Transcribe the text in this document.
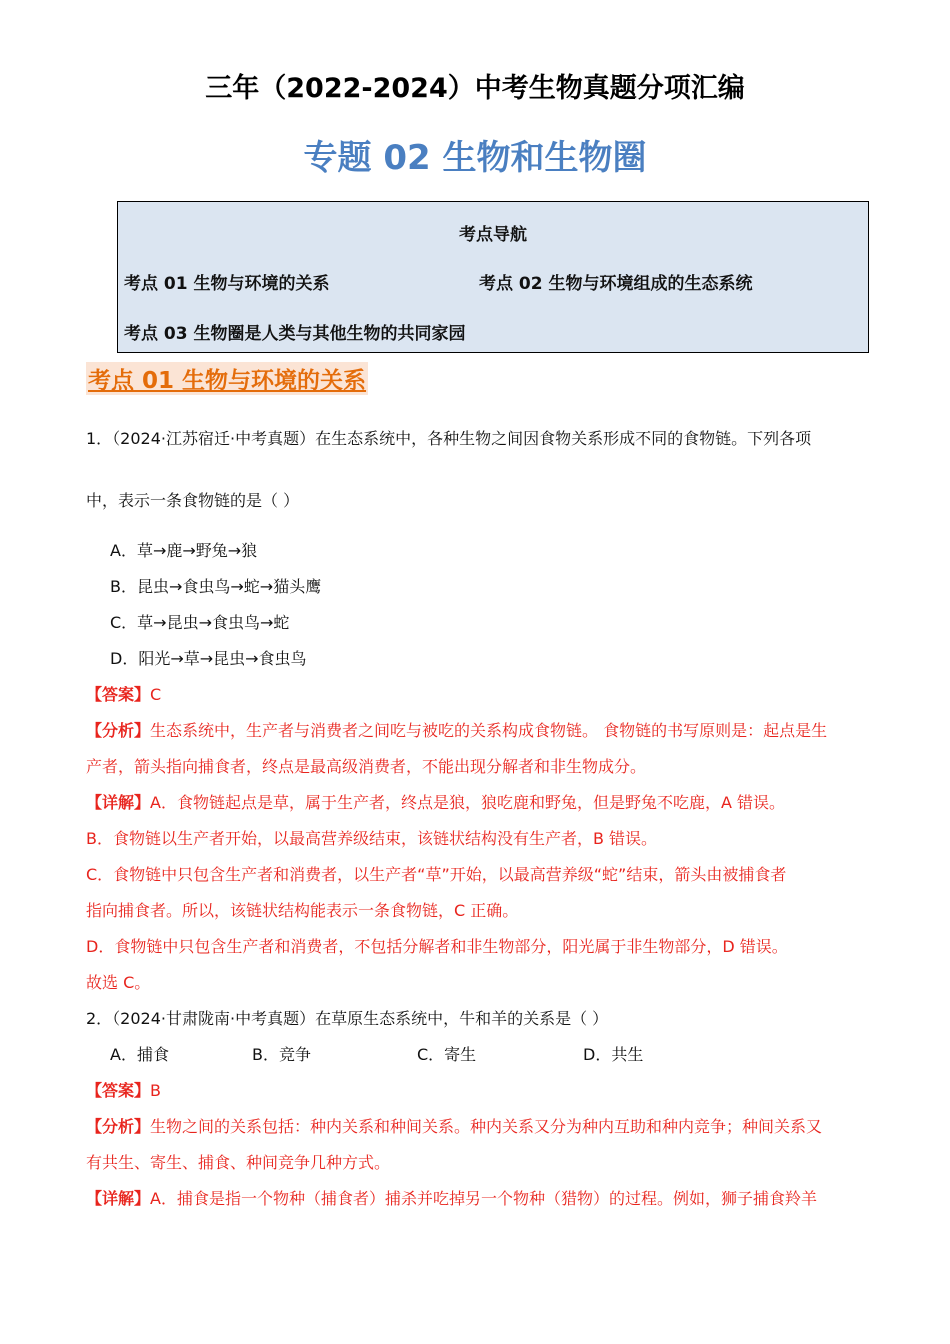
三年（2022-2024）中考生物真题分项汇编
专题 02 生物和生物圈
考点导航
考点 01 生物与环境的关系	考点 02 生物与环境组成的生态系统
考点 03 生物圈是人类与其他生物的共同家园
考点 01 生物与环境的关系
1．（2024·江苏宿迁·中考真题）在生态系统中，各种生物之间因食物关系形成不同的食物链。下列各项
中，表示一条食物链的是（ ）
A．草→鹿→野兔→狼
B．昆虫→食虫鸟→蛇→猫头鹰
C．草→昆虫→食虫鸟→蛇
D．阳光→草→昆虫→食虫鸟
【答案】C
【分析】生态系统中，生产者与消费者之间吃与被吃的关系构成食物链。 食物链的书写原则是：起点是生
产者，箭头指向捕食者，终点是最高级消费者，不能出现分解者和非生物成分。
【详解】A．食物链起点是草，属于生产者，终点是狼，狼吃鹿和野兔，但是野兔不吃鹿，A 错误。
B．食物链以生产者开始，以最高营养级结束，该链状结构没有生产者，B 错误。
C．食物链中只包含生产者和消费者，以生产者“草”开始，以最高营养级“蛇”结束，箭头由被捕食者
指向捕食者。所以，该链状结构能表示一条食物链，C 正确。
D．食物链中只包含生产者和消费者，不包括分解者和非生物部分，阳光属于非生物部分，D 错误。
故选 C。
2．（2024·甘肃陇南·中考真题）在草原生态系统中，牛和羊的关系是（ ）
A．捕食	B．竞争	C．寄生	D．共生
【答案】B
【分析】生物之间的关系包括：种内关系和种间关系。种内关系又分为种内互助和种内竞争；种间关系又
有共生、寄生、捕食、种间竞争几种方式。
【详解】A．捕食是指一个物种（捕食者）捕杀并吃掉另一个物种（猎物）的过程。例如，狮子捕食羚羊
